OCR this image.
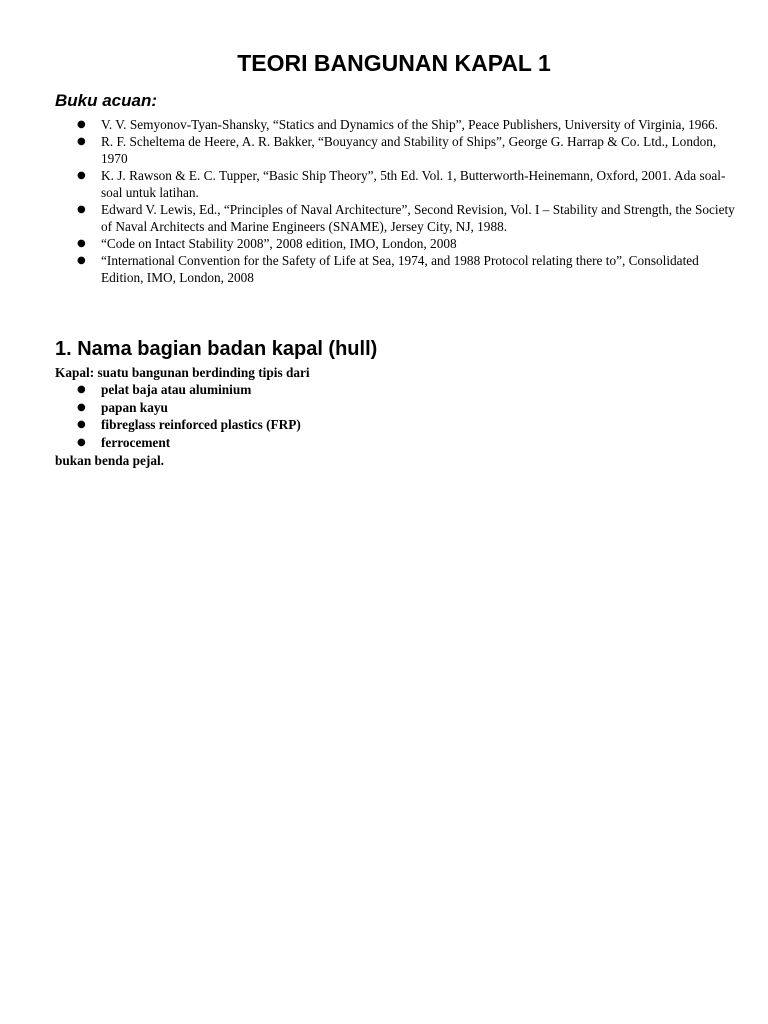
TEORI BANGUNAN KAPAL 1
Buku acuan:
● V. V. Semyonov-Tyan-Shansky, “Statics and Dynamics of the Ship”, Peace Publishers, University of Virginia, 1966.
● R. F. Scheltema de Heere, A. R. Bakker, “Bouyancy and Stability of Ships”, George G. Harrap & Co. Ltd., London, 1970
● K. J. Rawson & E. C. Tupper, “Basic Ship Theory”, 5th Ed. Vol. 1, Butterworth-Heinemann, Oxford, 2001. Ada soal-soal untuk latihan.
● Edward V. Lewis, Ed., “Principles of Naval Architecture”, Second Revision, Vol. I – Stability and Strength, the Society of Naval Architects and Marine Engineers (SNAME), Jersey City, NJ, 1988.
● “Code on Intact Stability 2008”, 2008 edition, IMO, London, 2008
● “International Convention for the Safety of Life at Sea, 1974, and 1988 Protocol relating there to”, Consolidated Edition, IMO, London, 2008
1. Nama bagian badan kapal (hull)

Kapal: suatu bangunan berdinding tipis dari

● pelat baja atau aluminium
● papan kayu
● fibreglass reinforced plastics (FRP)
● ferrocement

bukan benda pejal.
